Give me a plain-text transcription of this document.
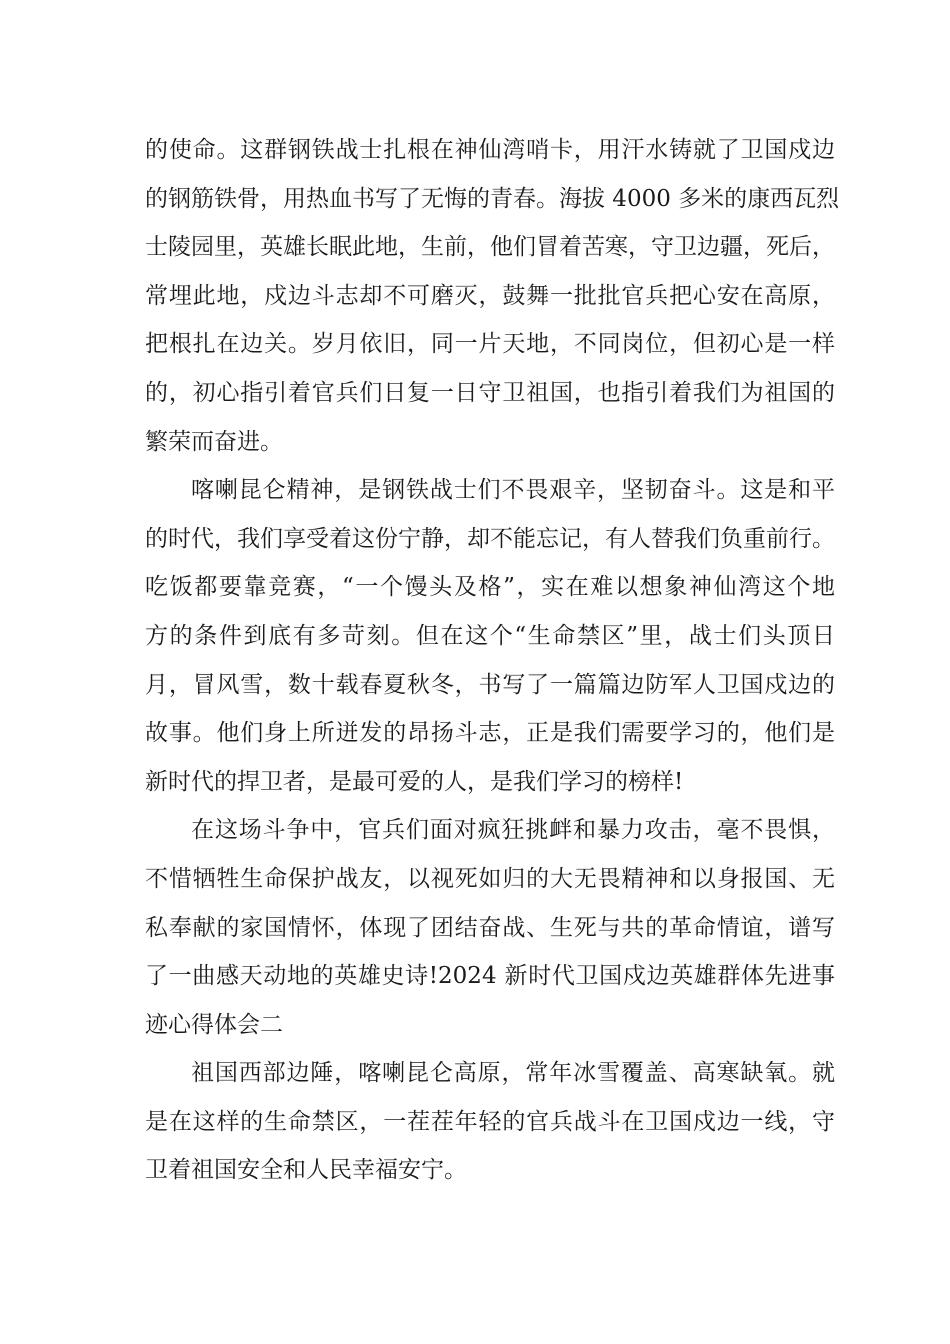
的使命。这群钢铁战士扎根在神仙湾哨卡，用汗水铸就了卫国戍边
的钢筋铁骨，用热血书写了无悔的青春。海拔 4000 多米的康西瓦烈
士陵园里，英雄长眠此地，生前，他们冒着苦寒，守卫边疆，死后，
常埋此地，戍边斗志却不可磨灭，鼓舞一批批官兵把心安在高原，
把根扎在边关。岁月依旧，同一片天地，不同岗位，但初心是一样
的，初心指引着官兵们日复一日守卫祖国，也指引着我们为祖国的
繁荣而奋进。
喀喇昆仑精神，是钢铁战士们不畏艰辛，坚韧奋斗。这是和平
的时代，我们享受着这份宁静，却不能忘记，有人替我们负重前行。
吃饭都要靠竞赛，“一个馒头及格”，实在难以想象神仙湾这个地
方的条件到底有多苛刻。但在这个“生命禁区”里，战士们头顶日
月，冒风雪，数十载春夏秋冬，书写了一篇篇边防军人卫国戍边的
故事。他们身上所迸发的昂扬斗志，正是我们需要学习的，他们是
新时代的捍卫者，是最可爱的人，是我们学习的榜样!
在这场斗争中，官兵们面对疯狂挑衅和暴力攻击，毫不畏惧，
不惜牺牲生命保护战友，以视死如归的大无畏精神和以身报国、无
私奉献的家国情怀，体现了团结奋战、生死与共的革命情谊，谱写
了一曲感天动地的英雄史诗!2024 新时代卫国戍边英雄群体先进事
迹心得体会二
祖国西部边陲，喀喇昆仑高原，常年冰雪覆盖、高寒缺氧。就
是在这样的生命禁区，一茬茬年轻的官兵战斗在卫国戍边一线，守
卫着祖国安全和人民幸福安宁。
